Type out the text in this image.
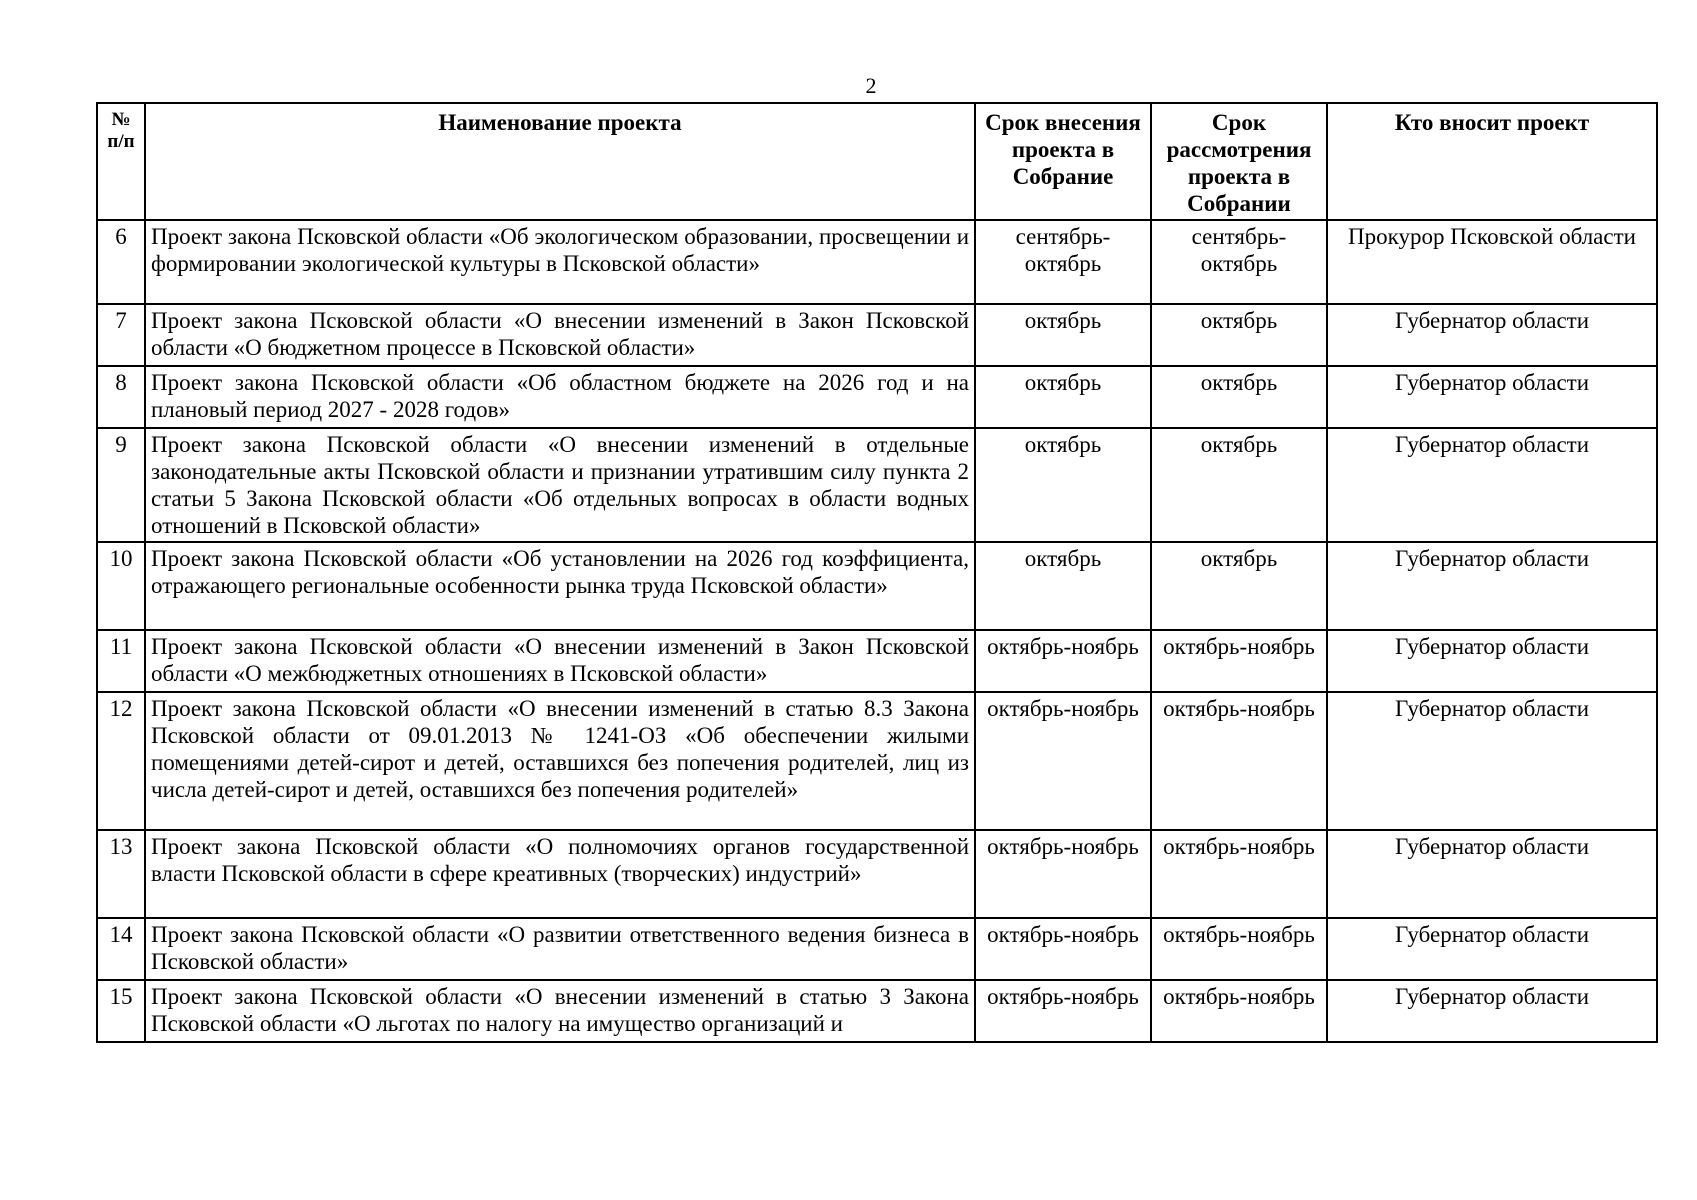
2
№ п/п	Наименование проекта	Срок внесения проекта в Собрание	Срок рассмотрения проекта в Собрании	Кто вносит проект
6	Проект закона Псковской области «Об экологическом образовании, просвещении и формировании экологической культуры в Псковской области»	сентябрь-октябрь	сентябрь-октябрь	Прокурор Псковской области
7	Проект закона Псковской области «О внесении изменений в Закон Псковской области «О бюджетном процессе в Псковской области»	октябрь	октябрь	Губернатор области
8	Проект закона Псковской области «Об областном бюджете на 2026 год и на плановый период 2027 - 2028 годов»	октябрь	октябрь	Губернатор области
9	Проект закона Псковской области «О внесении изменений в отдельные законодательные акты Псковской области и признании утратившим силу пункта 2 статьи 5 Закона Псковской области «Об отдельных вопросах в области водных отношений в Псковской области»	октябрь	октябрь	Губернатор области
10	Проект закона Псковской области «Об установлении на 2026 год коэффициента, отражающего региональные особенности рынка труда Псковской области»	октябрь	октябрь	Губернатор области
11	Проект закона Псковской области «О внесении изменений в Закон Псковской области «О межбюджетных отношениях в Псковской области»	октябрь-ноябрь	октябрь-ноябрь	Губернатор области
12	Проект закона Псковской области «О внесении изменений в статью 8.3 Закона Псковской области от 09.01.2013 № 1241-ОЗ «Об обеспечении жилыми помещениями детей-сирот и детей, оставшихся без попечения родителей, лиц из числа детей-сирот и детей, оставшихся без попечения родителей»	октябрь-ноябрь	октябрь-ноябрь	Губернатор области
13	Проект закона Псковской области «О полномочиях органов государственной власти Псковской области в сфере креативных (творческих) индустрий»	октябрь-ноябрь	октябрь-ноябрь	Губернатор области
14	Проект закона Псковской области «О развитии ответственного ведения бизнеса в Псковской области»	октябрь-ноябрь	октябрь-ноябрь	Губернатор области
15	Проект закона Псковской области «О внесении изменений в статью 3 Закона Псковской области «О льготах по налогу на имущество организаций и	октябрь-ноябрь	октябрь-ноябрь	Губернатор области
